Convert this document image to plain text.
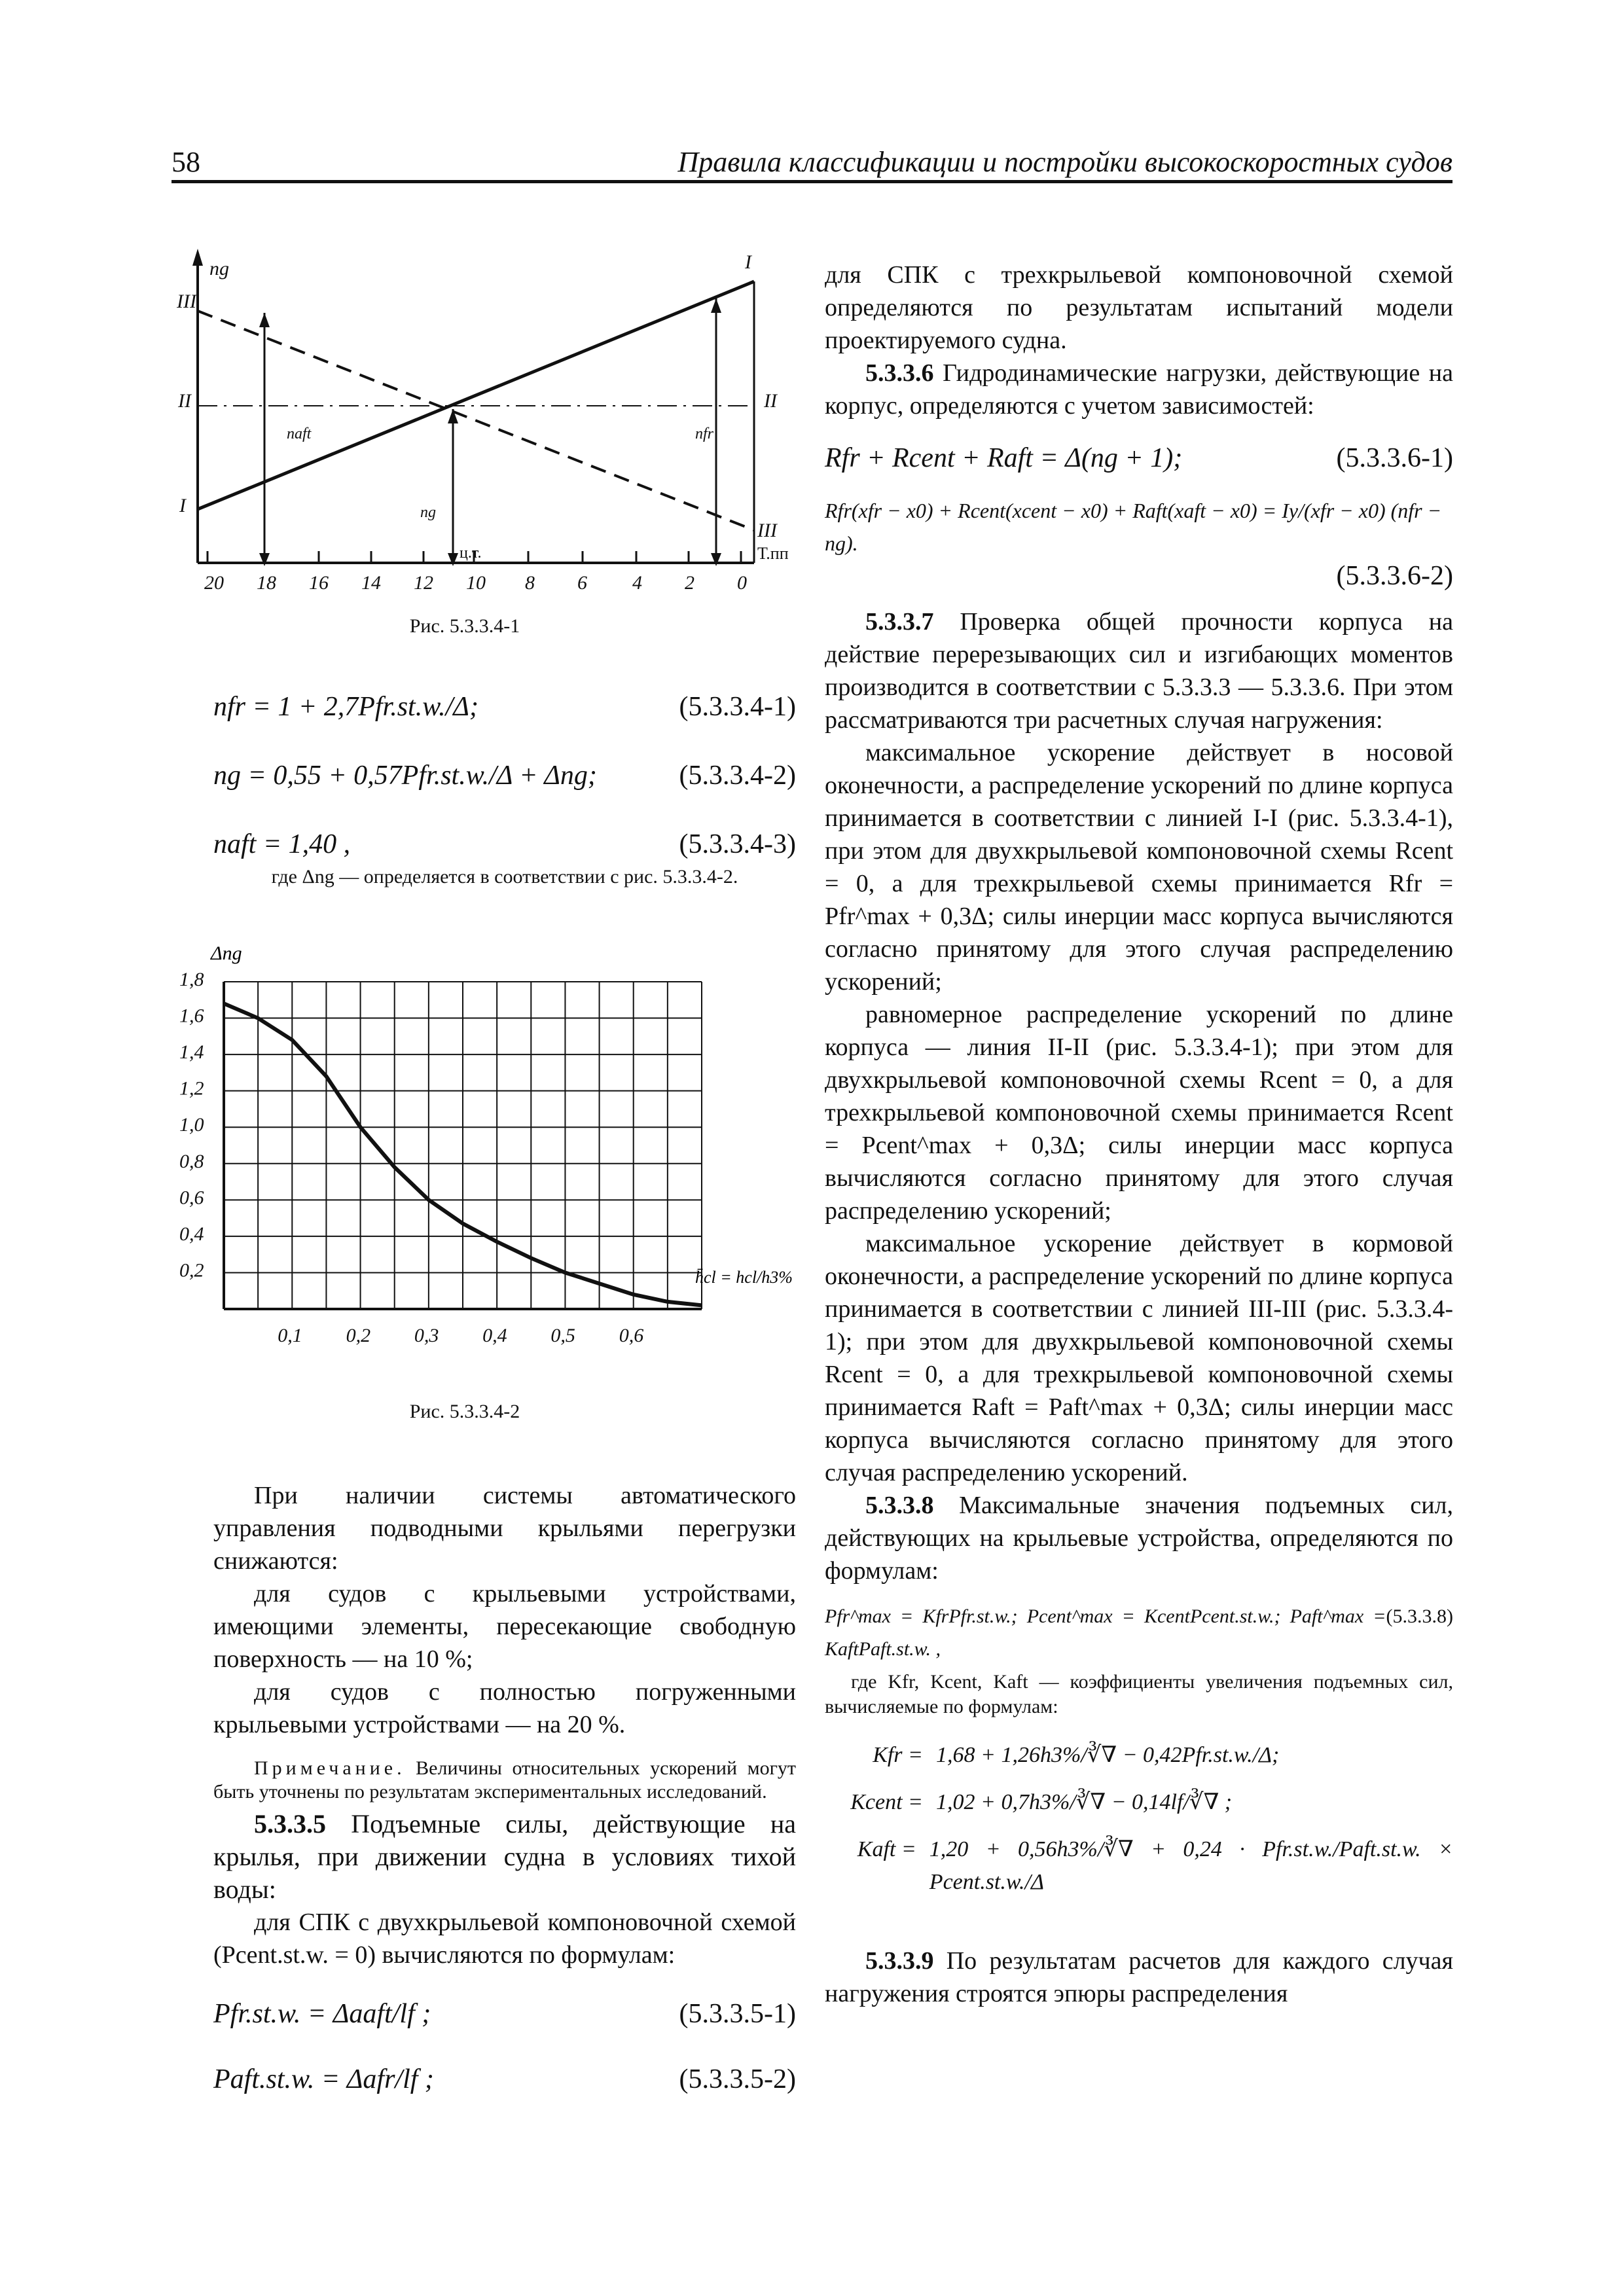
58	Правила классификации и постройки высокоскоростных судов
20 18 16 14 12 10 8 6 4 2 0
ng
III
II
I
I
II
III
naft	nfr
ng
ц.т.	Т.пп
Рис. 5.3.3.4-1
nfr = 1 + 2,7Pfr.st.w./Δ;	(5.3.3.4-1)
ng = 0,55 + 0,57Pfr.st.w./Δ + Δng;	(5.3.3.4-2)
naft = 1,40 ,	(5.3.3.4-3)
где Δng — определяется в соответствии с рис. 5.3.3.4-2.
1,8
1,6
1,4
1,2
1,0
0,8
0,6
0,4
0,2
0,1 0,2 0,3 0,4 0,5 0,6
Δng
h̄cl = hcl/h3%
Рис. 5.3.3.4-2

При наличии системы автоматического управления подводными крыльями перегрузки снижаются:

для судов с крыльевыми устройствами, имеющими элементы, пересекающие свободную поверхность — на 10 %;

для судов с полностью погруженными крыльевыми устройствами — на 20 %.

Примечание. Величины относительных ускорений могут быть уточнены по результатам экспериментальных исследований.

5.3.3.5 Подъемные силы, действующие на крылья, при движении судна в условиях тихой воды:

для СПК с двухкрыльевой компоновочной схемой (Pcent.st.w. = 0) вычисляются по формулам:

Pfr.st.w. = Δaaft/lf ;	(5.3.3.5-1)
Paft.st.w. = Δafr/lf ;	(5.3.3.5-2)

для СПК с трехкрыльевой компоновочной схемой определяются по результатам испытаний модели проектируемого судна.

5.3.3.6 Гидродинамические нагрузки, действующие на корпус, определяются с учетом зависимостей:

Rfr + Rcent + Raft = Δ(ng + 1);	(5.3.3.6-1)
Rfr(xfr − x0) + Rcent(xcent − x0) + Raft(xaft − x0) = Iy/(xfr − x0) (nfr − ng).
(5.3.3.6-2)

5.3.3.7 Проверка общей прочности корпуса на действие перерезывающих сил и изгибающих моментов производится в соответствии с 5.3.3.3 — 5.3.3.6. При этом рассматриваются три расчетных случая нагружения:

максимальное ускорение действует в носовой оконечности, а распределение ускорений по длине корпуса принимается в соответствии с линией I-I (рис. 5.3.3.4-1), при этом для двухкрыльевой компоновочной схемы Rcent = 0, а для трехкрыльевой схемы принимается Rfr = Pfr^max + 0,3Δ; силы инерции масс корпуса вычисляются согласно принятому для этого случая распределению ускорений;

равномерное распределение ускорений по длине корпуса — линия II-II (рис. 5.3.3.4-1); при этом для двухкрыльевой компоновочной схемы Rcent = 0, а для трехкрыльевой компоновочной схемы принимается Rcent = Pcent^max + 0,3Δ; силы инерции масс корпуса вычисляются согласно принятому для этого случая распределению ускорений;

максимальное ускорение действует в кормовой оконечности, а распределение ускорений по длине корпуса принимается в соответствии с линией III-III (рис. 5.3.3.4-1); при этом для двухкрыльевой компоновочной схемы Rcent = 0, а для трехкрыльевой компоновочной схемы принимается Raft = Paft^max + 0,3Δ; силы инерции масс корпуса вычисляются согласно принятому для этого случая распределению ускорений.

5.3.3.8 Максимальные значения подъемных сил, действующих на крыльевые устройства, определяются по формулам:

Pfr^max = KfrPfr.st.w.; Pcent^max = KcentPcent.st.w.; Paft^max = KaftPaft.st.w. ,
(5.3.3.8)
где Kfr, Kcent, Kaft — коэффициенты увеличения подъемных сил, вычисляемые по формулам:
Kfr = 1,68 + 1,26h3%/∛∇ − 0,42Pfr.st.w./Δ;
Kcent = 1,02 + 0,7h3%/∛∇ − 0,14lf/∛∇ ;
Kaft = 1,20 + 0,56h3%/∛∇ + 0,24 · Pfr.st.w./Paft.st.w. × Pcent.st.w./Δ

5.3.3.9 По результатам расчетов для каждого случая нагружения строятся эпюры распределения
